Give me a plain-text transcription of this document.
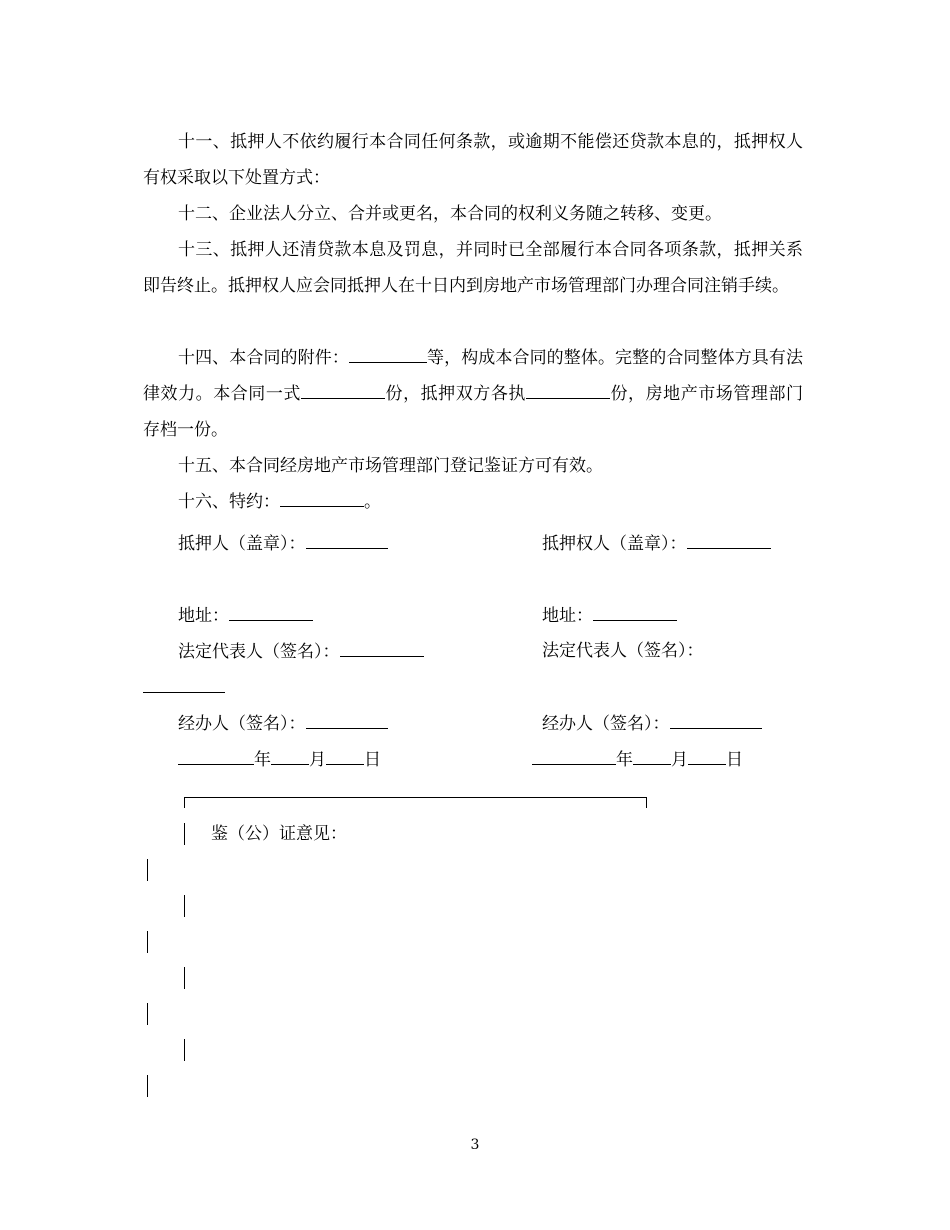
十一、抵押人不依约履行本合同任何条款，或逾期不能偿还贷款本息的，抵押权人有权采取以下处置方式：

十二、企业法人分立、合并或更名，本合同的权利义务随之转移、变更。

十三、抵押人还清贷款本息及罚息，并同时已全部履行本合同各项条款，抵押关系即告终止。抵押权人应会同抵押人在十日内到房地产市场管理部门办理合同注销手续。

十四、本合同的附件：	等，构成本合同的整体。完整的合同整体方具有法律效力。本合同一式	份，抵押双方各执	份，房地产市场管理部门存档一份。

十五、本合同经房地产市场管理部门登记鉴证方可有效。

十六、特约：	。

抵押人（盖章）：	抵押权人（盖章）：
地址：	地址：
法定代表人（签名）：	法定代表人（签名）：
经办人（签名）：	经办人（签名）：
年 月 日	年 月 日
鉴（公）证意见：
3
